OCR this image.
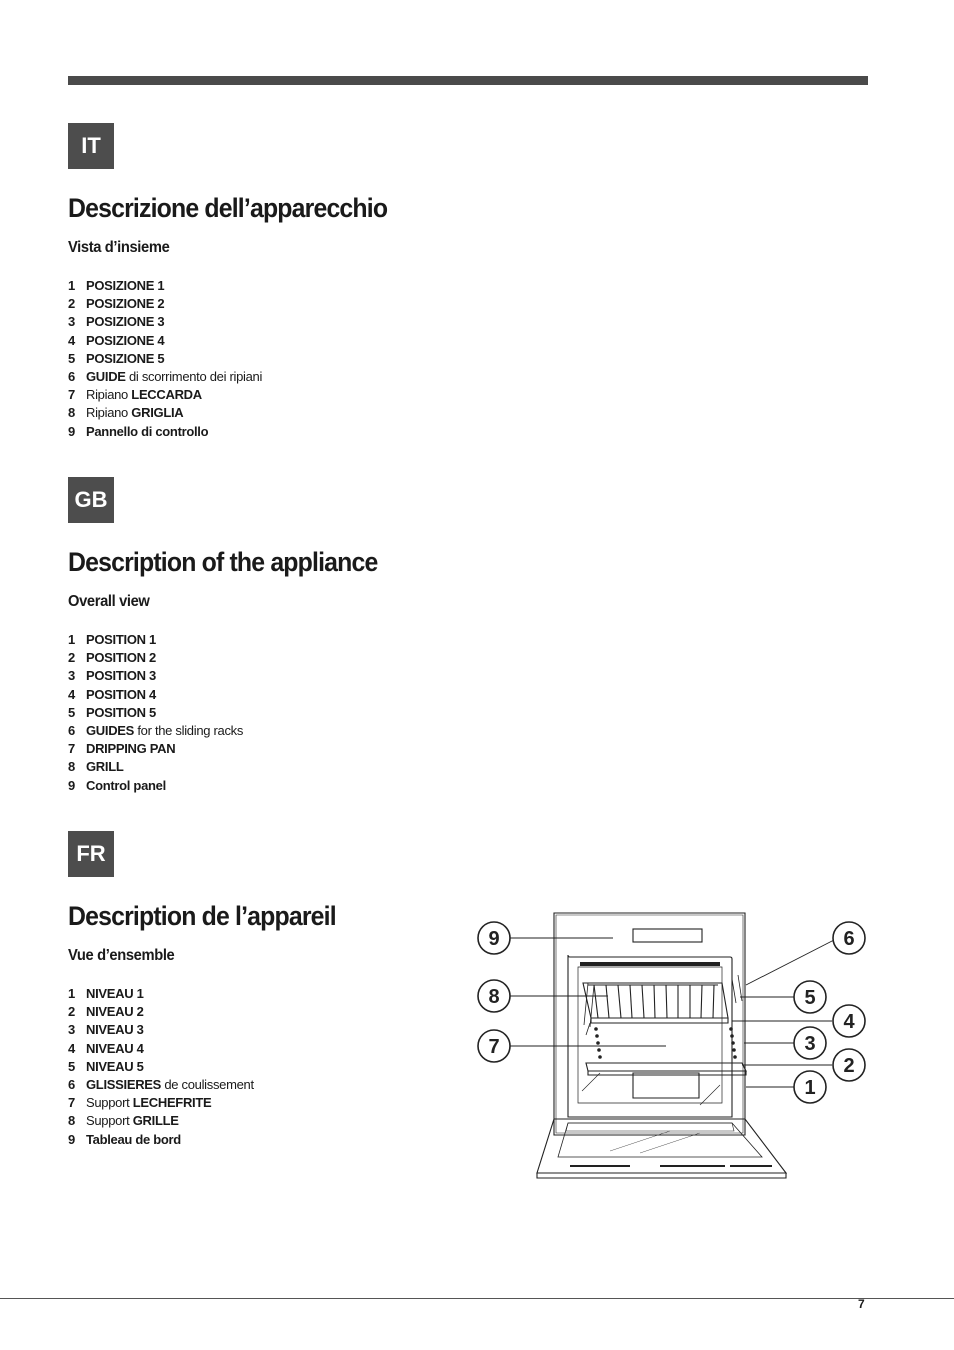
IT
Descrizione dell’apparecchio
Vista d’insieme
1 POSIZIONE 1
2 POSIZIONE 2
3 POSIZIONE 3
4 POSIZIONE 4
5 POSIZIONE 5
6 GUIDE di scorrimento dei ripiani
7 Ripiano LECCARDA
8 Ripiano GRIGLIA
9 Pannello di controllo
GB
Description of the appliance
Overall view
1 POSITION 1
2 POSITION 2
3 POSITION 3
4 POSITION 4
5 POSITION 5
6 GUIDES for the sliding racks
7 DRIPPING PAN
8 GRILL
9 Control panel
FR
Description de l’appareil
Vue d’ensemble
1 NIVEAU 1
2 NIVEAU 2
3 NIVEAU 3
4 NIVEAU 4
5 NIVEAU 5
6 GLISSIERES de coulissement
7 Support LECHEFRITE
8 Support GRILLE
9 Tableau de bord
9
8
7
6
5
4
3
2
1
7
